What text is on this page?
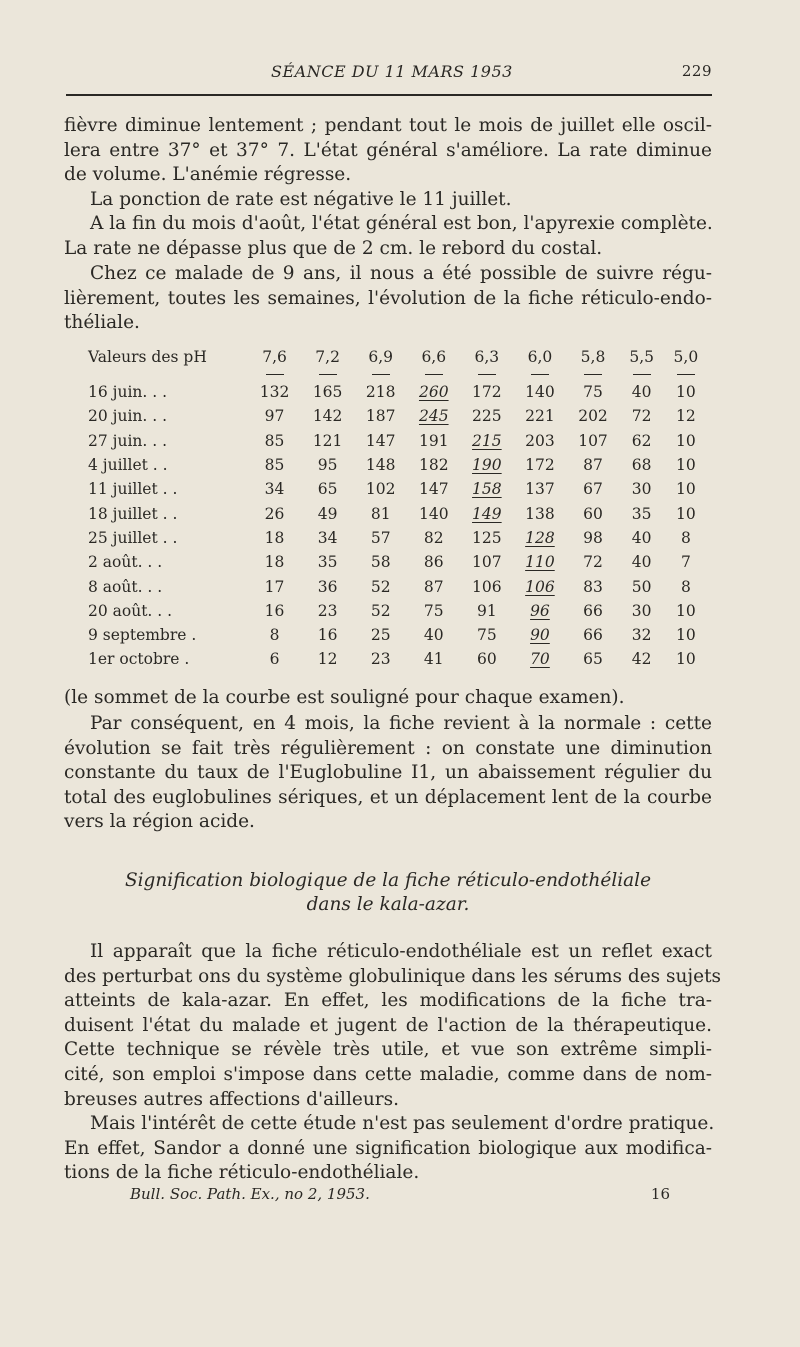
SÉANCE DU 11 MARS 1953	229

fièvre diminue lentement ; pendant tout le mois de juillet elle oscil-
lera entre 37° et 37° 7. L'état général s'améliore. La rate diminue
de volume. L'anémie régresse.

La ponction de rate est négative le 11 juillet.

A la fin du mois d'août, l'état général est bon, l'apyrexie complète.
La rate ne dépasse plus que de 2 cm. le rebord du costal.

Chez ce malade de 9 ans, il nous a été possible de suivre régu-
lièrement, toutes les semaines, l'évolution de la fiche réticulo-endo-
théliale.

Valeurs des pH	7,6	7,2	6,9	6,6	6,3	6,0	5,8	5,5	5,0

16 juin. . .	132	165	218	260	172	140	75	40	10
20 juin. . .	97	142	187	245	225	221	202	72	12
27 juin. . .	85	121	147	191	215	203	107	62	10
4 juillet . .	85	95	148	182	190	172	87	68	10
11 juillet . .	34	65	102	147	158	137	67	30	10
18 juillet . .	26	49	81	140	149	138	60	35	10
25 juillet . .	18	34	57	82	125	128	98	40	8
2 août. . .	18	35	58	86	107	110	72	40	7
8 août. . .	17	36	52	87	106	106	83	50	8
20 août. . .	16	23	52	75	91	96	66	30	10
9 septembre .	8	16	25	40	75	90	66	32	10
1er octobre .	6	12	23	41	60	70	65	42	10

(le sommet de la courbe est souligné pour chaque examen).

Par conséquent, en 4 mois, la fiche revient à la normale : cette
évolution se fait très régulièrement : on constate une diminution
constante du taux de l'Euglobuline I1, un abaissement régulier du
total des euglobulines sériques, et un déplacement lent de la courbe
vers la région acide.

Signification biologique de la fiche réticulo-endothéliale
dans le kala-azar.

Il apparaît que la fiche réticulo-endothéliale est un reflet exact
des perturbat ons du système globulinique dans les sérums des sujets
atteints de kala-azar. En effet, les modifications de la fiche tra-
duisent l'état du malade et jugent de l'action de la thérapeutique.
Cette technique se révèle très utile, et vue son extrême simpli-
cité, son emploi s'impose dans cette maladie, comme dans de nom-
breuses autres affections d'ailleurs.

Mais l'intérêt de cette étude n'est pas seulement d'ordre pratique.
En effet, Sandor a donné une signification biologique aux modifica-
tions de la fiche réticulo-endothéliale.

Bull. Soc. Path. Ex., no 2, 1953.	16
